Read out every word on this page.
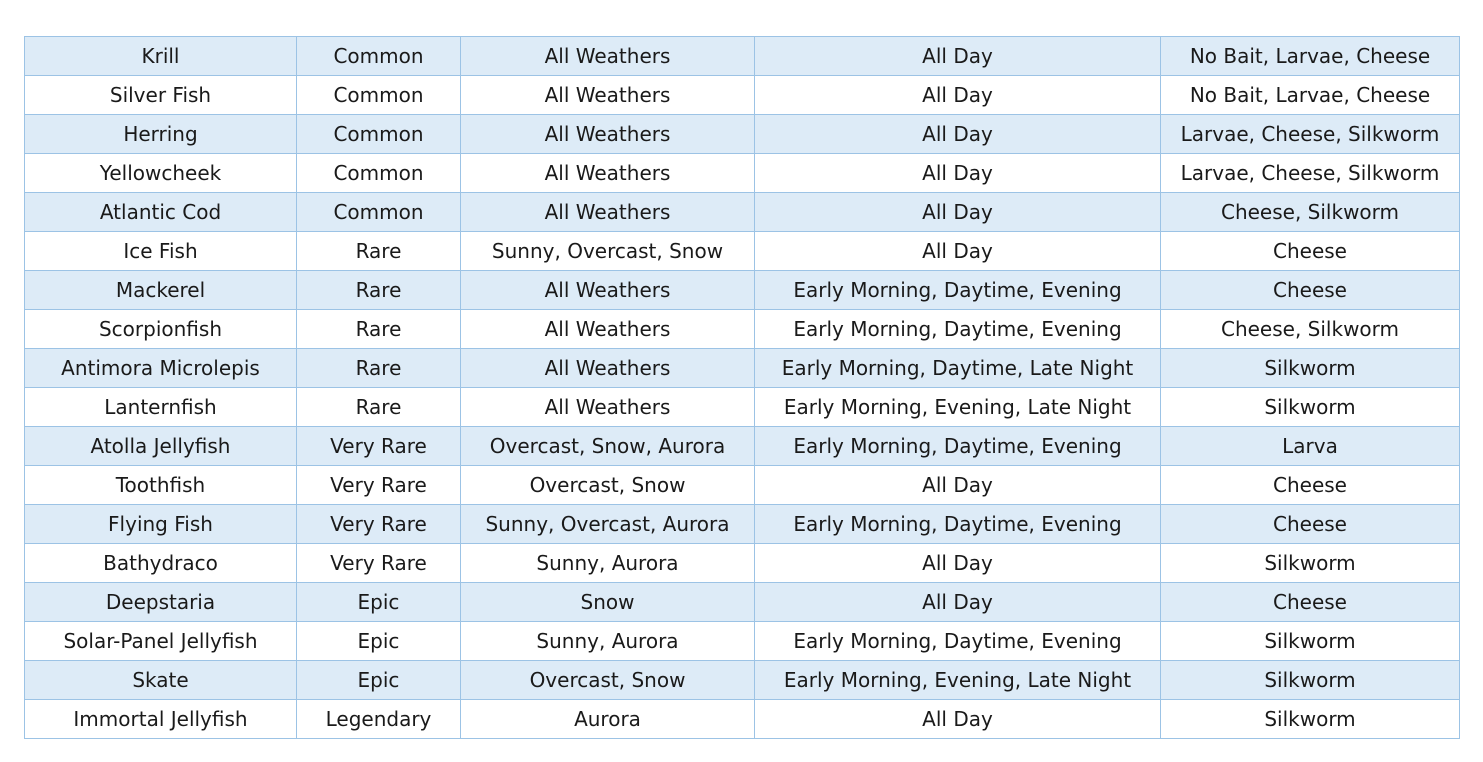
Krill	Common	All Weathers	All Day	No Bait, Larvae, Cheese
Silver Fish	Common	All Weathers	All Day	No Bait, Larvae, Cheese
Herring	Common	All Weathers	All Day	Larvae, Cheese, Silkworm
Yellowcheek	Common	All Weathers	All Day	Larvae, Cheese, Silkworm
Atlantic Cod	Common	All Weathers	All Day	Cheese, Silkworm
Ice Fish	Rare	Sunny, Overcast, Snow	All Day	Cheese
Mackerel	Rare	All Weathers	Early Morning, Daytime, Evening	Cheese
Scorpionfish	Rare	All Weathers	Early Morning, Daytime, Evening	Cheese, Silkworm
Antimora Microlepis	Rare	All Weathers	Early Morning, Daytime, Late Night	Silkworm
Lanternfish	Rare	All Weathers	Early Morning, Evening, Late Night	Silkworm
Atolla Jellyfish	Very Rare	Overcast, Snow, Aurora	Early Morning, Daytime, Evening	Larva
Toothfish	Very Rare	Overcast, Snow	All Day	Cheese
Flying Fish	Very Rare	Sunny, Overcast, Aurora	Early Morning, Daytime, Evening	Cheese
Bathydraco	Very Rare	Sunny, Aurora	All Day	Silkworm
Deepstaria	Epic	Snow	All Day	Cheese
Solar-Panel Jellyfish	Epic	Sunny, Aurora	Early Morning, Daytime, Evening	Silkworm
Skate	Epic	Overcast, Snow	Early Morning, Evening, Late Night	Silkworm
Immortal Jellyfish	Legendary	Aurora	All Day	Silkworm
